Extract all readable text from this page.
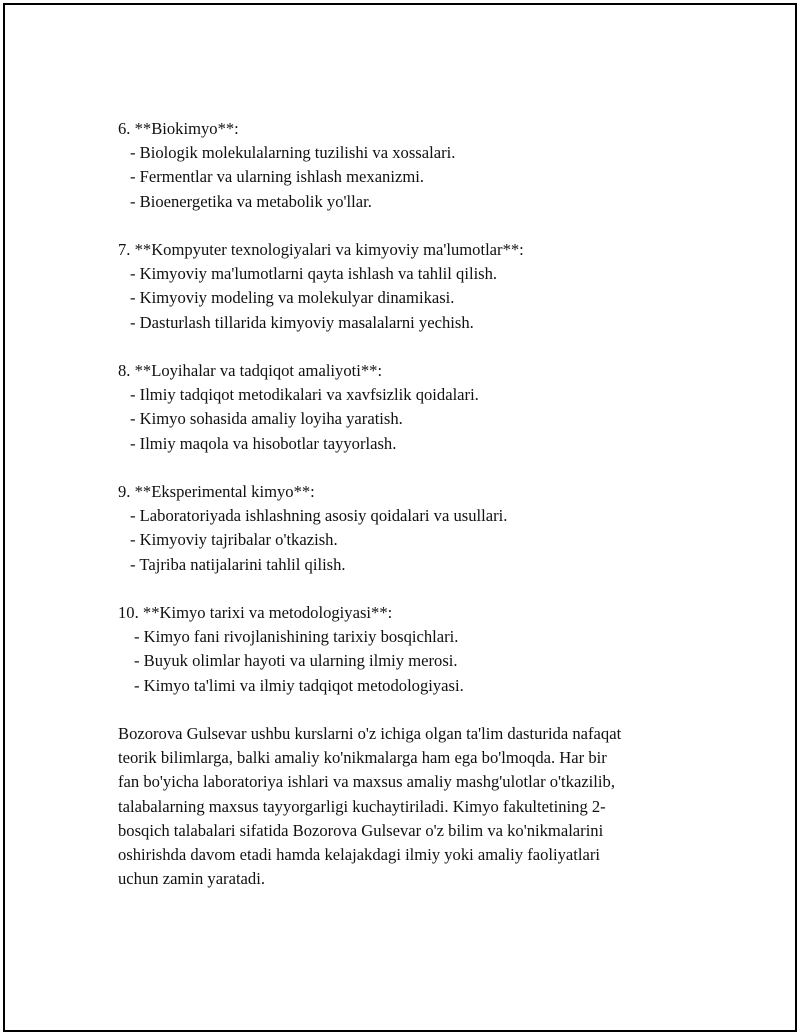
6. **Biokimyo**:
- Biologik molekulalarning tuzilishi va xossalari.
- Fermentlar va ularning ishlash mexanizmi.
- Bioenergetika va metabolik yo'llar.
7. **Kompyuter texnologiyalari va kimyoviy ma'lumotlar**:
- Kimyoviy ma'lumotlarni qayta ishlash va tahlil qilish.
- Kimyoviy modeling va molekulyar dinamikasi.
- Dasturlash tillarida kimyoviy masalalarni yechish.
8. **Loyihalar va tadqiqot amaliyoti**:
- Ilmiy tadqiqot metodikalari va xavfsizlik qoidalari.
- Kimyo sohasida amaliy loyiha yaratish.
- Ilmiy maqola va hisobotlar tayyorlash.
9. **Eksperimental kimyo**:
- Laboratoriyada ishlashning asosiy qoidalari va usullari.
- Kimyoviy tajribalar o'tkazish.
- Tajriba natijalarini tahlil qilish.
10. **Kimyo tarixi va metodologiyasi**:
- Kimyo fani rivojlanishining tarixiy bosqichlari.
- Buyuk olimlar hayoti va ularning ilmiy merosi.
- Kimyo ta'limi va ilmiy tadqiqot metodologiyasi.
Bozorova Gulsevar ushbu kurslarni o'z ichiga olgan ta'lim dasturida nafaqat
teorik bilimlarga, balki amaliy ko'nikmalarga ham ega bo'lmoqda. Har bir
fan bo'yicha laboratoriya ishlari va maxsus amaliy mashg'ulotlar o'tkazilib,
talabalarning maxsus tayyorgarligi kuchaytiriladi. Kimyo fakultetining 2-
bosqich talabalari sifatida Bozorova Gulsevar o'z bilim va ko'nikmalarini
oshirishda davom etadi hamda kelajakdagi ilmiy yoki amaliy faoliyatlari
uchun zamin yaratadi.
